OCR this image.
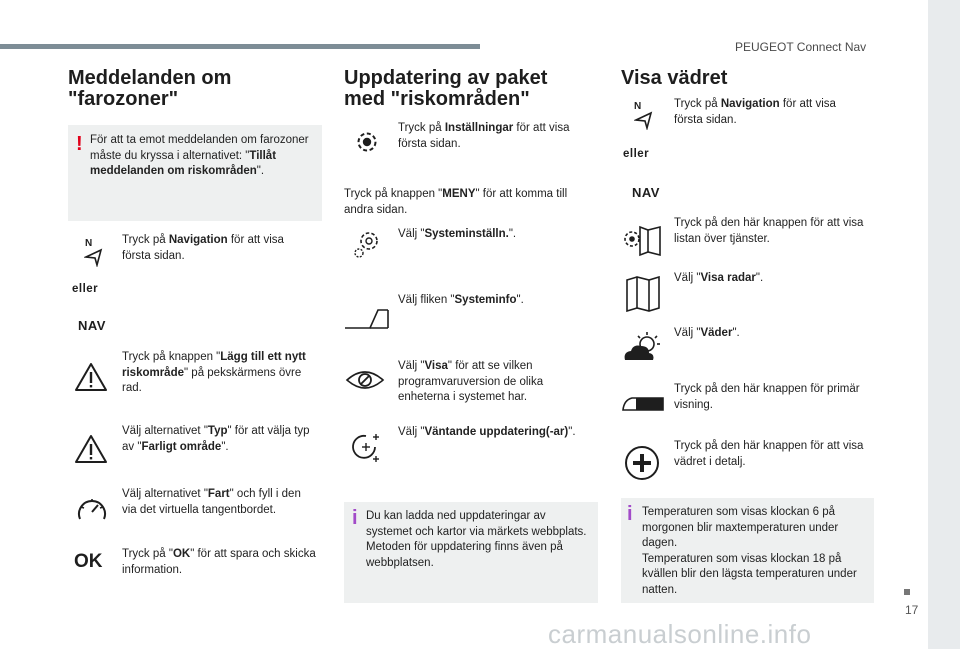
PEUGEOT Connect Nav
17
carmanualsonline.info
Meddelanden om "farozoner"
! För att ta emot meddelanden om farozoner måste du kryssa i alternativet: "Tillåt meddelanden om riskområden".
N	Tryck på Navigation för att visa första sidan.
eller
NAV
Tryck på knappen "Lägg till ett nytt riskområde" på pekskärmens övre rad.
Välj alternativet "Typ" för att välja typ av "Farligt område".
Välj alternativet "Fart" och fyll i den via det virtuella tangentbordet.
OK Tryck på "OK" för att spara och skicka information.
Uppdatering av paket med "riskområden"
Tryck på Inställningar för att visa första sidan.
Tryck på knappen "MENY" för att komma till andra sidan.
Välj "Systeminställn.".
Välj fliken "Systeminfo".
Välj "Visa" för att se vilken programvaruversion de olika enheterna i systemet har.
Välj "Väntande uppdatering(-ar)".
i Du kan ladda ned uppdateringar av systemet och kartor via märkets webbplats.
Metoden för uppdatering finns även på webbplatsen.
Visa vädret
N	Tryck på Navigation för att visa första sidan.
eller
NAV
Tryck på den här knappen för att visa listan över tjänster.
Välj "Visa radar".
Välj "Väder".
Tryck på den här knappen för primär visning.
Tryck på den här knappen för att visa vädret i detalj.
i Temperaturen som visas klockan 6 på morgonen blir maxtemperaturen under dagen.
Temperaturen som visas klockan 18 på kvällen blir den lägsta temperaturen under natten.
